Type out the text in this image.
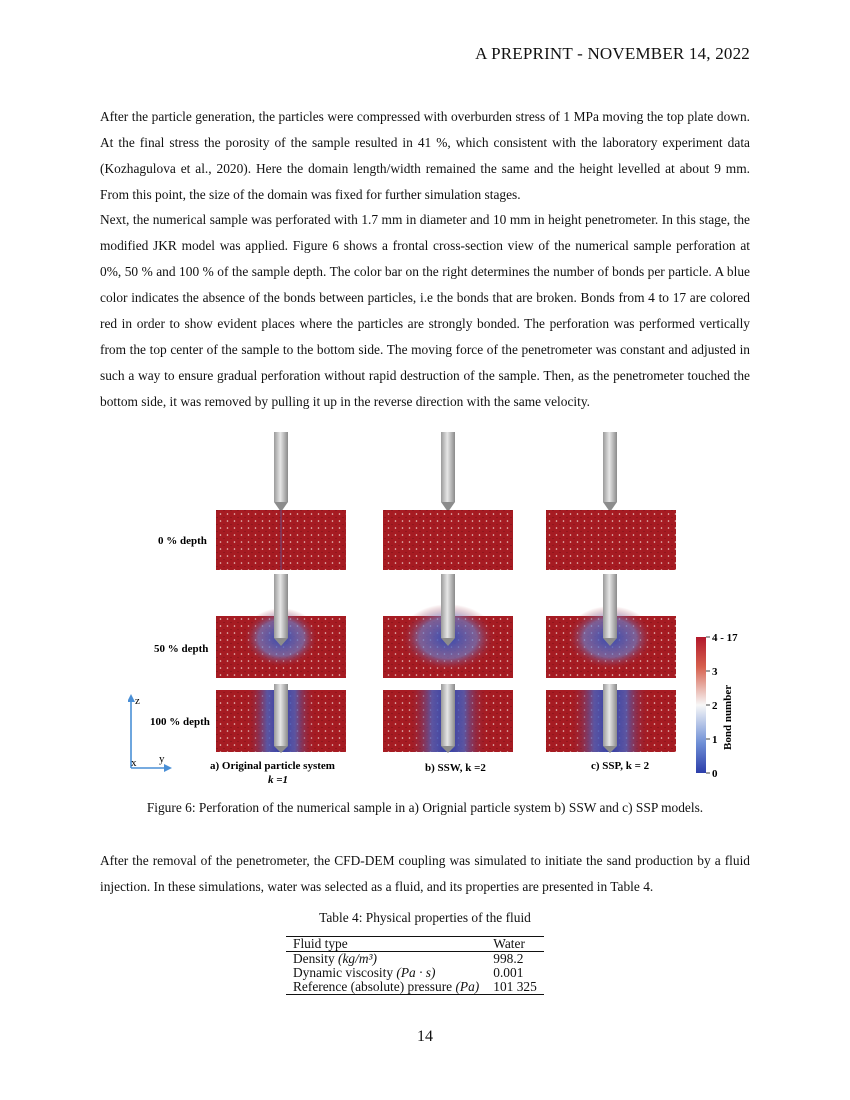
A PREPRINT - NOVEMBER 14, 2022

After the particle generation, the particles were compressed with overburden stress of 1 MPa moving the top plate down. At the final stress the porosity of the sample resulted in 41 %, which consistent with the laboratory experiment data (Kozhagulova et al., 2020). Here the domain length/width remained the same and the height levelled at about 9 mm. From this point, the size of the domain was fixed for further simulation stages.

Next, the numerical sample was perforated with 1.7 mm in diameter and 10 mm in height penetrometer. In this stage, the modified JKR model was applied. Figure 6 shows a frontal cross-section view of the numerical sample perforation at 0%, 50 % and 100 % of the sample depth. The color bar on the right determines the number of bonds per particle. A blue color indicates the absence of the bonds between particles, i.e the bonds that are broken. Bonds from 4 to 17 are colored red in order to show evident places where the particles are strongly bonded. The perforation was performed vertically from the top center of the sample to the bottom side. The moving force of the penetrometer was constant and adjusted in such a way to ensure gradual perforation without rapid destruction of the sample. Then, as the penetrometer touched the bottom side, it was removed by pulling it up in the reverse direction with the same velocity.

0 % depth
50 % depth
100 % depth
a) Original particle system
k =1
b) SSW, k =2	c) SSP, k = 2
z
x y
4 - 17
3
2
1
0
Bond number
Figure 6: Perforation of the numerical sample in a) Orignial particle system b) SSW and c) SSP models.

After the removal of the penetrometer, the CFD-DEM coupling was simulated to initiate the sand production by a fluid injection. In these simulations, water was selected as a fluid, and its properties are presented in Table 4.

Table 4: Physical properties of the fluid
Fluid type	Water
Density (kg/m³)	998.2
Dynamic viscosity (Pa · s)	0.001
Reference (absolute) pressure (Pa)	101 325
14
